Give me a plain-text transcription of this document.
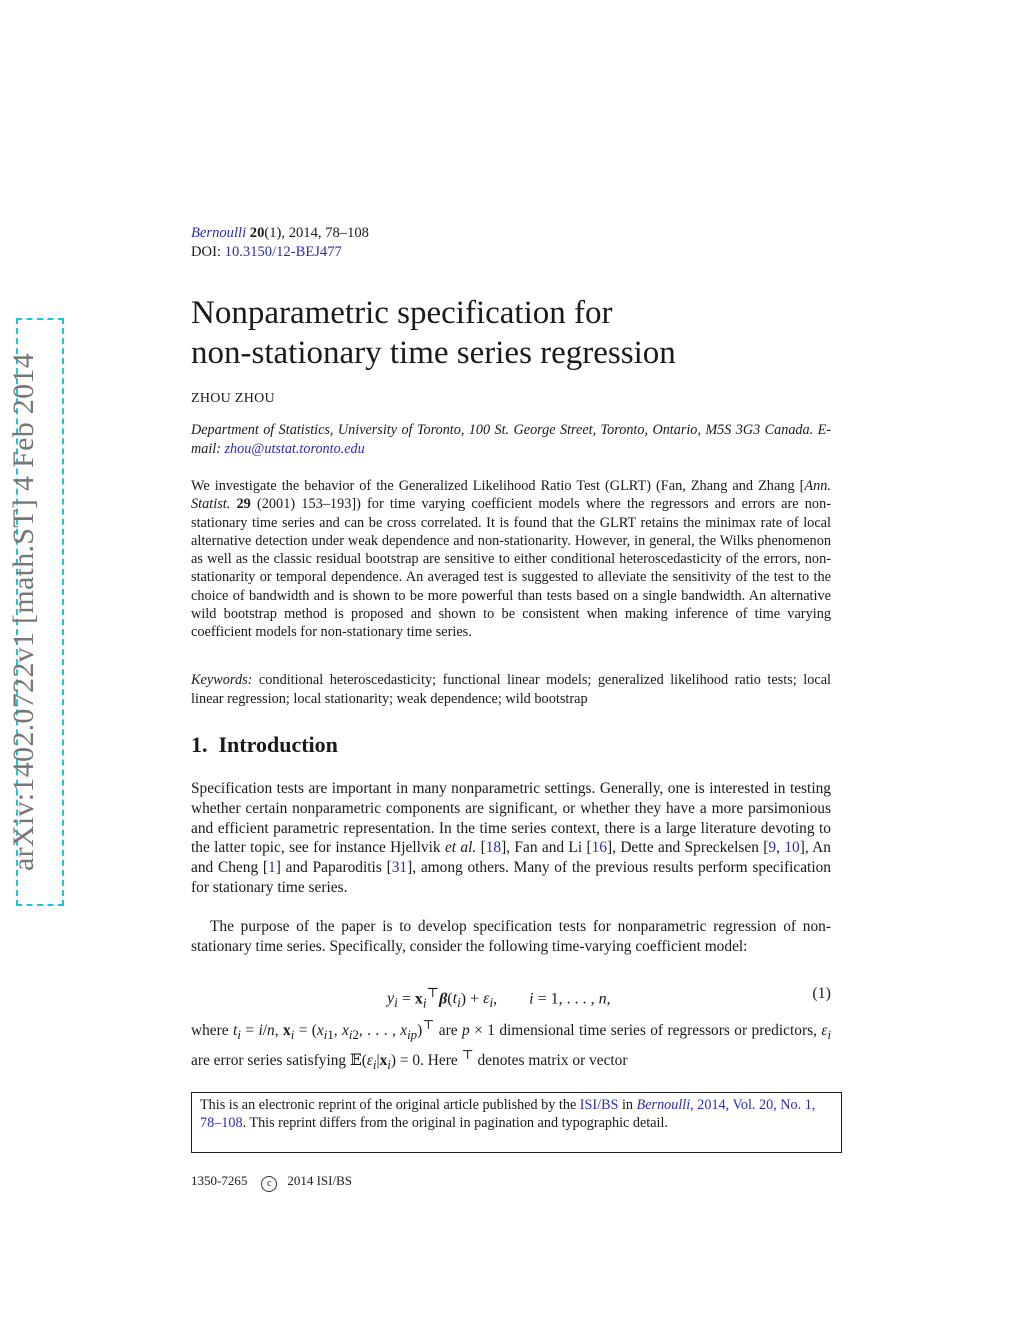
arXiv:1402.0722v1 [math.ST] 4 Feb 2014
Bernoulli 20(1), 2014, 78–108
DOI: 10.3150/12-BEJ477
Nonparametric specification for
non-stationary time series regression
ZHOU ZHOU
Department of Statistics, University of Toronto, 100 St. George Street, Toronto, Ontario, M5S 3G3 Canada. E-mail: zhou@utstat.toronto.edu
We investigate the behavior of the Generalized Likelihood Ratio Test (GLRT) (Fan, Zhang and Zhang [Ann. Statist. 29 (2001) 153–193]) for time varying coefficient models where the regressors and errors are non-stationary time series and can be cross correlated. It is found that the GLRT retains the minimax rate of local alternative detection under weak dependence and non-stationarity. However, in general, the Wilks phenomenon as well as the classic residual bootstrap are sensitive to either conditional heteroscedasticity of the errors, non-stationarity or temporal dependence. An averaged test is suggested to alleviate the sensitivity of the test to the choice of bandwidth and is shown to be more powerful than tests based on a single bandwidth. An alternative wild bootstrap method is proposed and shown to be consistent when making inference of time varying coefficient models for non-stationary time series.
Keywords: conditional heteroscedasticity; functional linear models; generalized likelihood ratio tests; local linear regression; local stationarity; weak dependence; wild bootstrap
1. Introduction
Specification tests are important in many nonparametric settings. Generally, one is interested in testing whether certain nonparametric components are significant, or whether they have a more parsimonious and efficient parametric representation. In the time series context, there is a large literature devoting to the latter topic, see for instance Hjellvik et al. [18], Fan and Li [16], Dette and Spreckelsen [9, 10], An and Cheng [1] and Paparoditis [31], among others. Many of the previous results perform specification for stationary time series.
The purpose of the paper is to develop specification tests for nonparametric regression of non-stationary time series. Specifically, consider the following time-varying coefficient model:
$y_i = x_i^⊤\beta(t_i) + \varepsilon_i$,        i = 1, . . . , n,	(1)
where $t_i = i/n$, $x_i = (x_{i1}$, $x_{i2}$, . . . , $x_{ip})^⊤$ are p × 1 dimensional time series of regressors or predictors, $\varepsilon_i$ are error series satisfying $𝔼(\varepsilon_i|x_i) = 0$. Here ⊤ denotes matrix or vector
This is an electronic reprint of the original article published by the ISI/BS in Bernoulli, 2014, Vol. 20, No. 1, 78–108. This reprint differs from the original in pagination and typographic detail.
1350-7265 c 2014 ISI/BS
